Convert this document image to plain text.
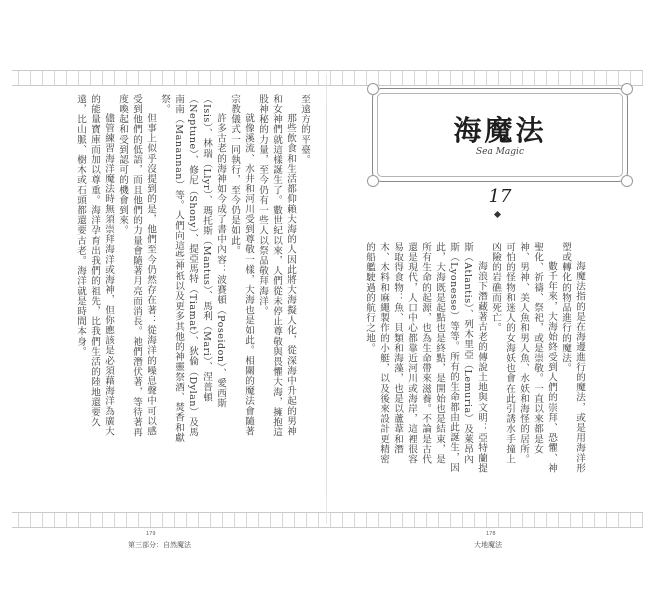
至遠方的平臺。

那些飲食和生活都仰賴大海的人因此將大海擬人化，從深海中升起的男神和女神們就這樣誕生了。數世紀以來，人們從未停止尊敬與畏懼大海，擁抱這股神秘的力量，至今仍有一些人以祭品敬拜海洋。

就像溪流、水井和河川受到尊敬一樣，大海也是如此。相關的魔法會隨著宗教儀式一同執行，至今仍是如此。

許多古老的海神如今成了書中內容：波賽頓（Poseidon）、愛西斯（Isis）、林瑞（Llyr）、瑪托斯（Mantus）、馬利（Mari）、涅普頓（Neptune）、修尼（Shony）、提亞馬特（Tiamat）、狄倫（Dylan）及馬南南（Manannan）等。人們向這些神祇以及更多其他的神靈祭酒、焚香和獻祭。

但事上似乎沒提到的是，他們至今仍然存在著：從海洋的噪息聲中可以感受到他們的低語，而且他們的力量會隨著月亮而消長。祂們潛伏著，等待著再度喚起和受到認可的機會到來。

儘管練習海洋魔法時無須崇拜海洋或海神，但你應該是必須藉海洋為廣大的能量寶庫而加以尊重。海洋孕育出我們的祖先，比我們生活的陸地還要久遠，比山脈、樹木或石頭都還要古老。海洋就是時間本身。

179
第三部分：自然魔法
海魔法
Sea Magic
17

海魔法指的是在海邊進行的魔法，或是用海洋形塑或轉化的物品進行的魔法。

數千年來，大海始終受到人們的崇拜、恐懼、神聖化、祈禱、祭祀，或是崇敬。一直以來都是女神、男神、美人魚和男人魚、水妖和海怪的居所。可怕的怪物和迷人的女海妖也會在此引誘水手撞上凶險的岩礁而死亡。

海浪下潛藏著古老的傳說土地與文明：亞特蘭提斯（Atlantis）、列木里亞（Lemuria）及萊昂內斯（Lyonesse）等等。所有的生命都由此誕生，因此，大海既是起點也是終點，是開始也是結束，是所有生命的起源，也為生命帶來滋養。不論是古代還是現代，人口中心都靠近河川或海岸，這裡很容易取得食物：魚、貝類和海藻，也是以蘆葦和潛木、木料和麻繩製作的小艇，以及後來設計更精密的船艦駛過的航行之地。

178
大地魔法
